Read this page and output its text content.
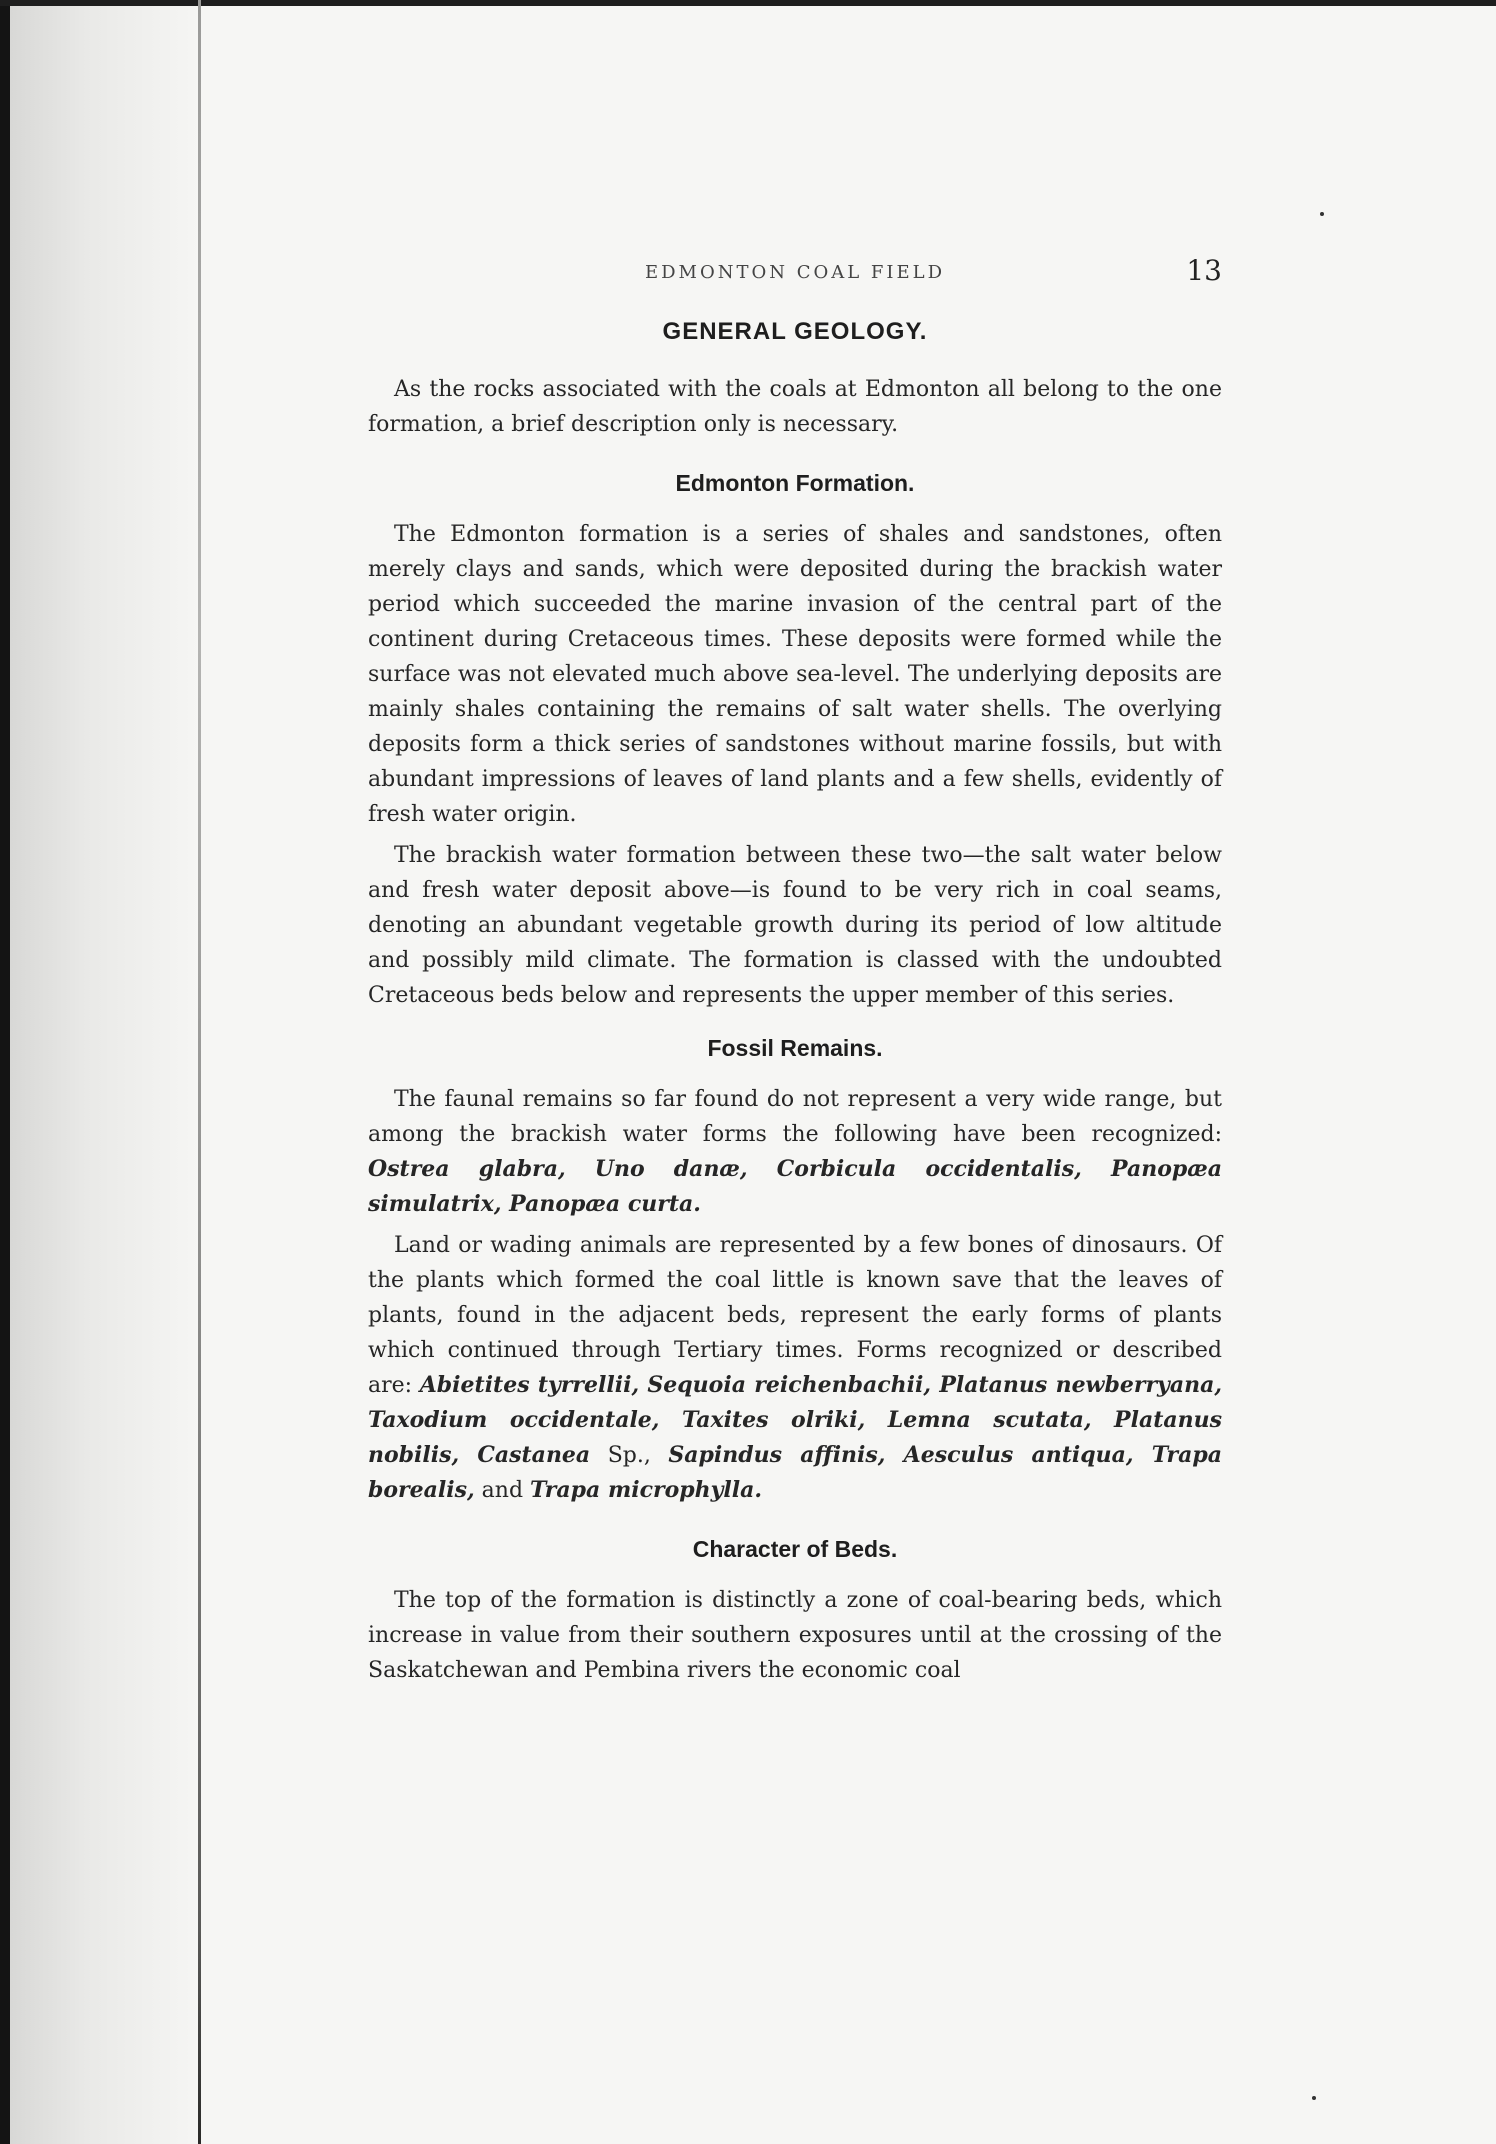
EDMONTON COAL FIELD	13
GENERAL GEOLOGY.

As the rocks associated with the coals at Edmonton all belong to the one formation, a brief description only is necessary.

Edmonton Formation.

The Edmonton formation is a series of shales and sandstones, often merely clays and sands, which were deposited during the brackish water period which succeeded the marine invasion of the central part of the continent during Cretaceous times. These deposits were formed while the surface was not elevated much above sea-level. The underlying deposits are mainly shales containing the remains of salt water shells. The overlying deposits form a thick series of sandstones without marine fossils, but with abundant impressions of leaves of land plants and a few shells, evidently of fresh water origin.

The brackish water formation between these two—the salt water below and fresh water deposit above—is found to be very rich in coal seams, denoting an abundant vegetable growth during its period of low altitude and possibly mild climate. The formation is classed with the undoubted Cretaceous beds below and represents the upper member of this series.

Fossil Remains.

The faunal remains so far found do not represent a very wide range, but among the brackish water forms the following have been recognized: Ostrea glabra, Uno danæ, Corbicula occidentalis, Panopæa simulatrix, Panopæa curta.

Land or wading animals are represented by a few bones of dinosaurs. Of the plants which formed the coal little is known save that the leaves of plants, found in the adjacent beds, represent the early forms of plants which continued through Tertiary times. Forms recognized or described are: Abietites tyrrellii, Sequoia reichenbachii, Platanus newberryana, Taxodium occidentale, Taxites olriki, Lemna scutata, Platanus nobilis, Castanea Sp., Sapindus affinis, Aesculus antiqua, Trapa borealis, and Trapa microphylla.

Character of Beds.

The top of the formation is distinctly a zone of coal-bearing beds, which increase in value from their southern exposures until at the crossing of the Saskatchewan and Pembina rivers the economic coal
